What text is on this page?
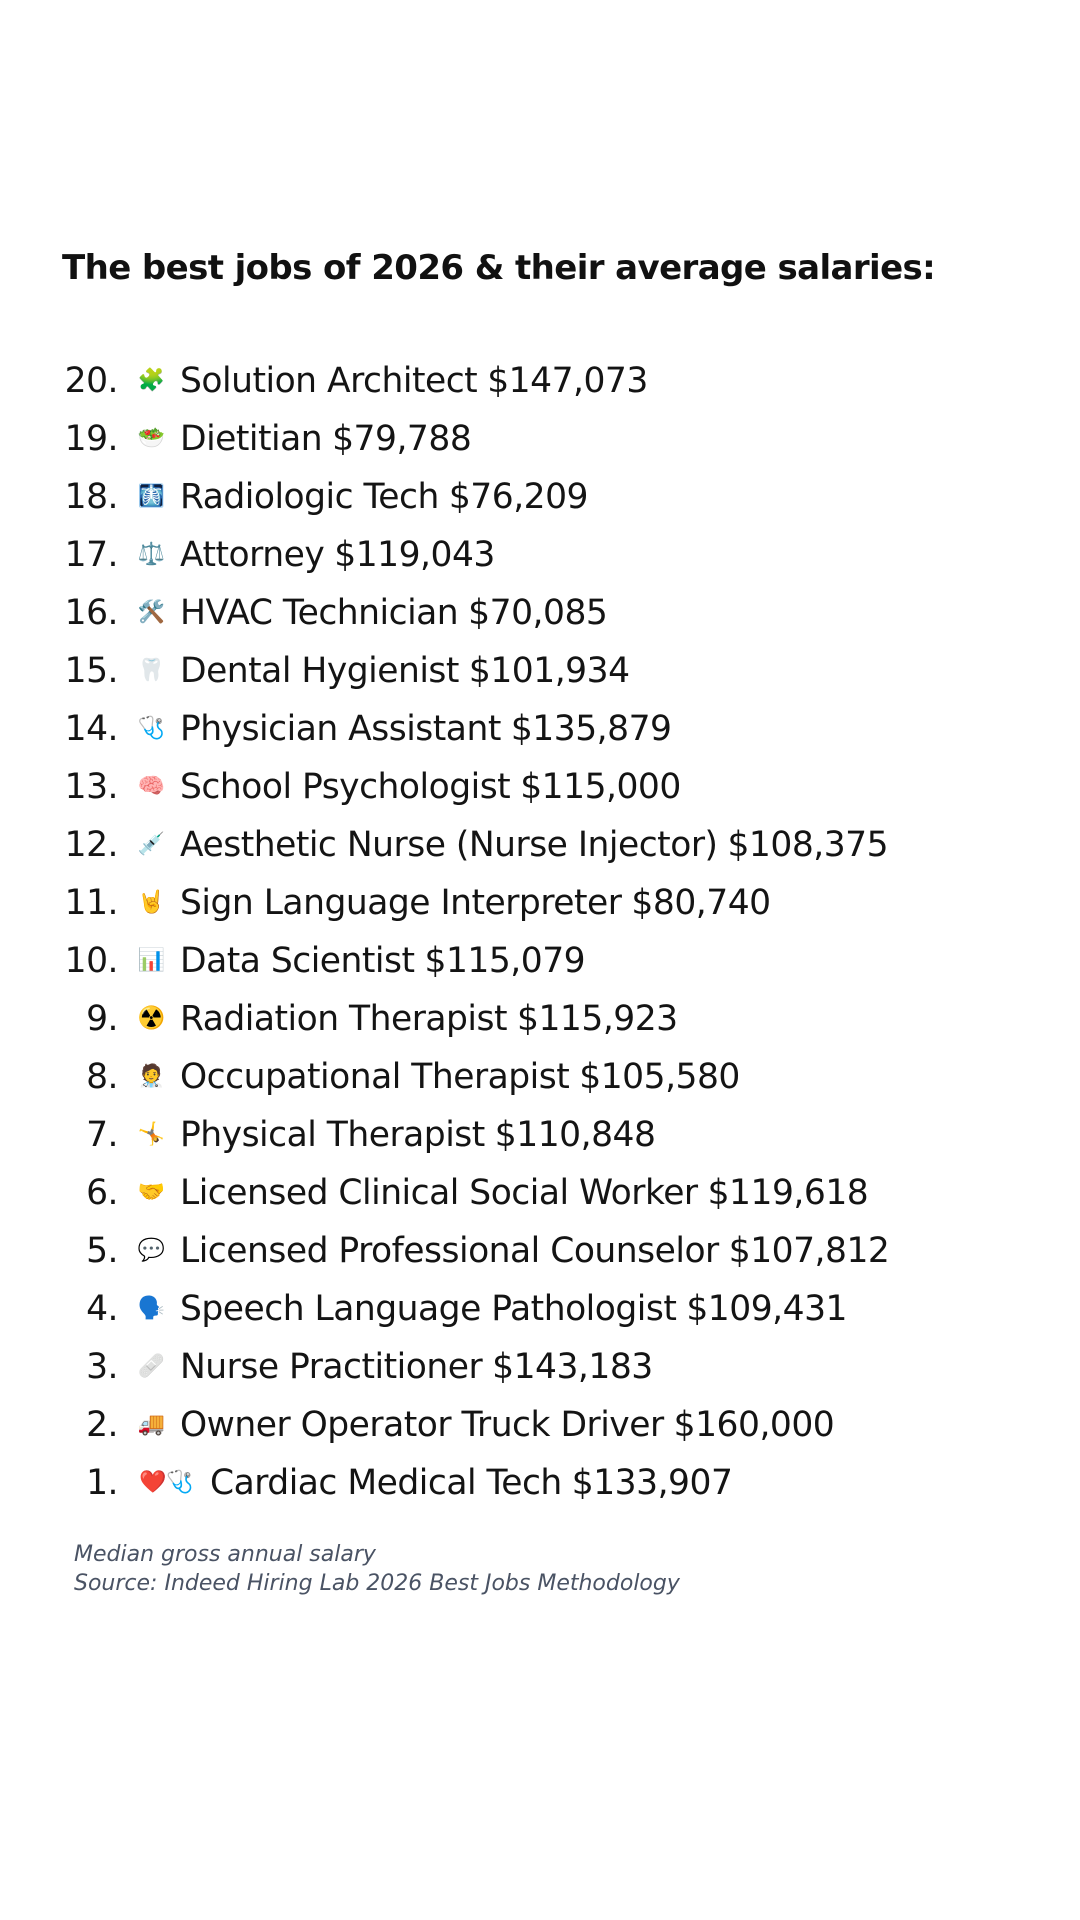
The best jobs of 2026 & their average salaries:
20. 🧩 Solution Architect $147,073
19. 🥗 Dietitian $79,788
18. 🩻 Radiologic Tech $76,209
17. ⚖️ Attorney $119,043
16. 🛠️ HVAC Technician $70,085
15. 🦷 Dental Hygienist $101,934
14. 🩺 Physician Assistant $135,879
13. 🧠 School Psychologist $115,000
12. 💉 Aesthetic Nurse (Nurse Injector) $108,375
11. 🤘 Sign Language Interpreter $80,740
10. 📊 Data Scientist $115,079
9. ☢️ Radiation Therapist $115,923
8. 🧑‍⚕️ Occupational Therapist $105,580
7. 🤸 Physical Therapist $110,848
6. 🤝 Licensed Clinical Social Worker $119,618
5. 💬 Licensed Professional Counselor $107,812
4. 🗣️ Speech Language Pathologist $109,431
3. 🩹 Nurse Practitioner $143,183
2. 🚚 Owner Operator Truck Driver $160,000
1. ❤️🩺 Cardiac Medical Tech $133,907
Median gross annual salary
Source: Indeed Hiring Lab 2026 Best Jobs Methodology
